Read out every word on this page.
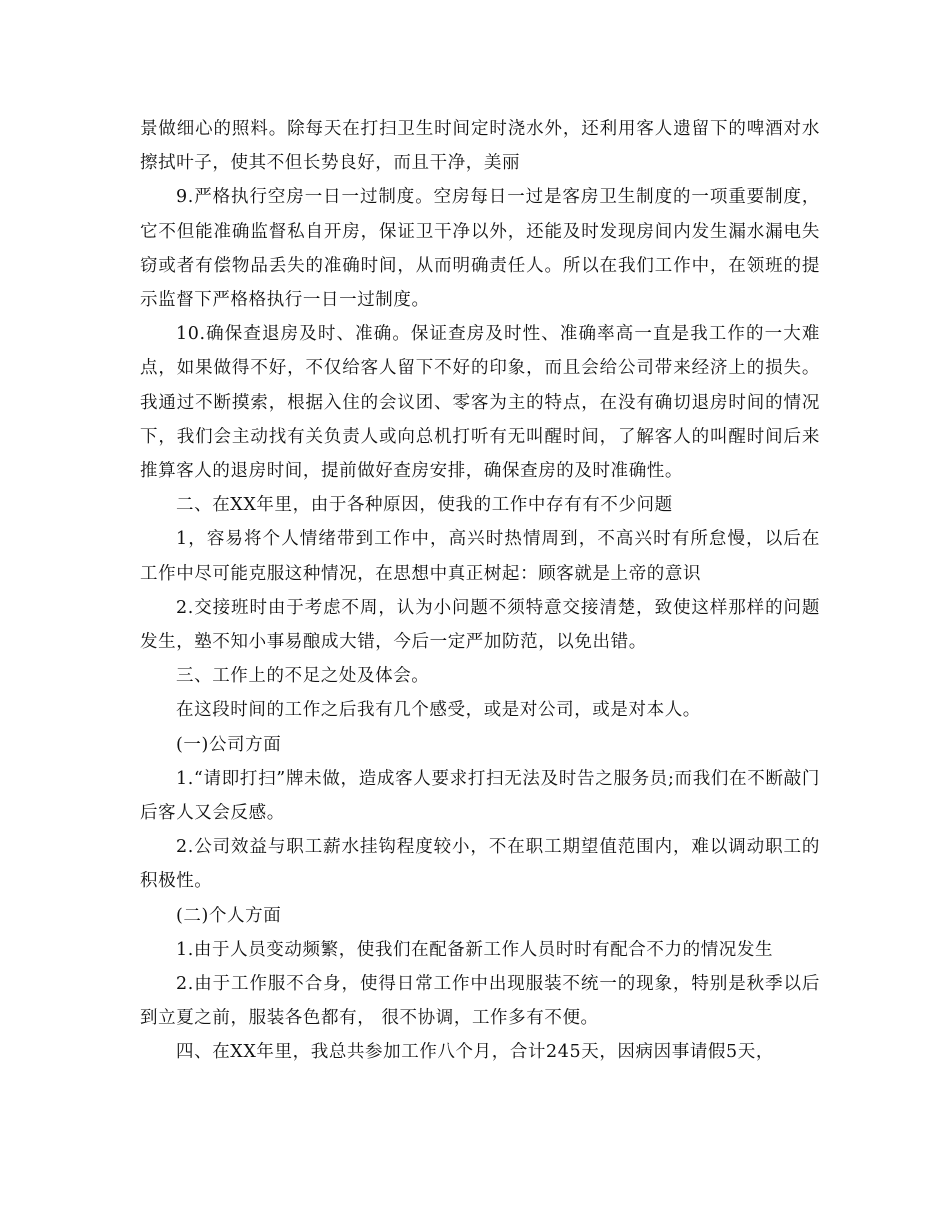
景做细心的照料。除每天在打扫卫生时间定时浇水外，还利用客人遗留下的啤酒对水擦拭叶子，使其不但长势良好，而且干净，美丽

9.严格执行空房一日一过制度。空房每日一过是客房卫生制度的一项重要制度，它不但能准确监督私自开房，保证卫干净以外，还能及时发现房间内发生漏水漏电失窃或者有偿物品丢失的准确时间，从而明确责任人。所以在我们工作中，在领班的提示监督下严格格执行一日一过制度。

10.确保查退房及时、准确。保证查房及时性、准确率高一直是我工作的一大难点，如果做得不好，不仅给客人留下不好的印象，而且会给公司带来经济上的损失。我通过不断摸索，根据入住的会议团、零客为主的特点，在没有确切退房时间的情况下，我们会主动找有关负责人或向总机打听有无叫醒时间，了解客人的叫醒时间后来推算客人的退房时间，提前做好查房安排，确保查房的及时准确性。

二、在XX年里，由于各种原因，使我的工作中存有有不少问题

1，容易将个人情绪带到工作中，高兴时热情周到，不高兴时有所怠慢，以后在工作中尽可能克服这种情况，在思想中真正树起：顾客就是上帝的意识

2.交接班时由于考虑不周，认为小问题不须特意交接清楚，致使这样那样的问题发生，塾不知小事易酿成大错，今后一定严加防范，以免出错。

三、工作上的不足之处及体会。

在这段时间的工作之后我有几个感受，或是对公司，或是对本人。

(一)公司方面

1.“请即打扫”牌未做，造成客人要求打扫无法及时告之服务员;而我们在不断敲门后客人又会反感。

2.公司效益与职工薪水挂钩程度较小，不在职工期望值范围内，难以调动职工的积极性。

(二)个人方面

1.由于人员变动频繁，使我们在配备新工作人员时时有配合不力的情况发生

2.由于工作服不合身，使得日常工作中出现服装不统一的现象，特别是秋季以后到立夏之前，服装各色都有， 很不协调，工作多有不便。

四、在XX年里，我总共参加工作八个月，合计245天，因病因事请假5天，
